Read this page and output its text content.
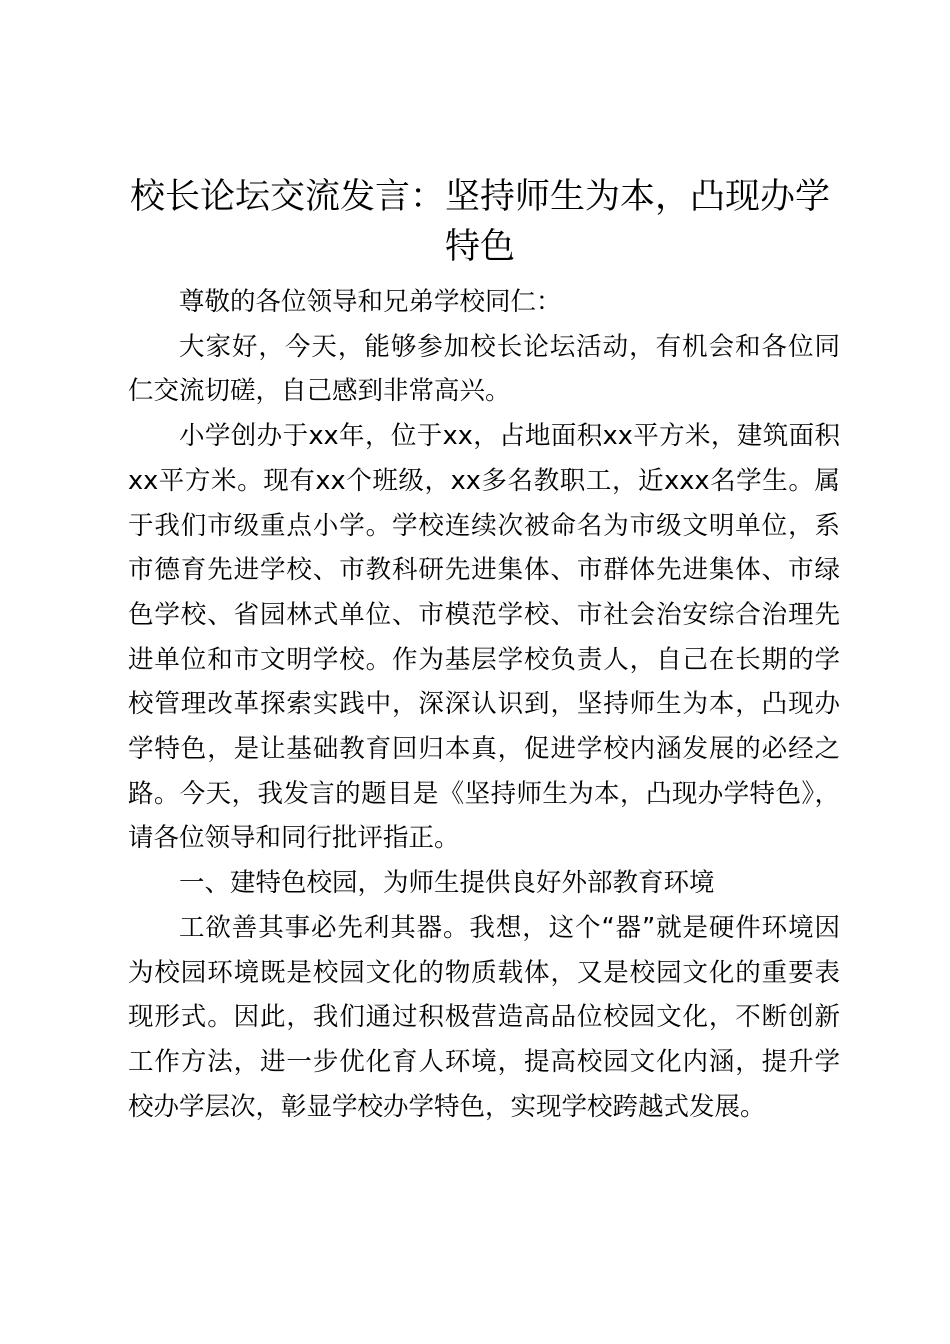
校长论坛交流发言：坚持师生为本，凸现办学特色

尊敬的各位领导和兄弟学校同仁：

大家好，今天，能够参加校长论坛活动，有机会和各位同仁交流切磋，自己感到非常高兴。

小学创办于xx年，位于xx，占地面积xx平方米，建筑面积xx平方米。现有xx个班级，xx多名教职工，近xxx名学生。属于我们市级重点小学。学校连续次被命名为市级文明单位，系市德育先进学校、市教科研先进集体、市群体先进集体、市绿色学校、省园林式单位、市模范学校、市社会治安综合治理先进单位和市文明学校。作为基层学校负责人，自己在长期的学校管理改革探索实践中，深深认识到，坚持师生为本，凸现办学特色，是让基础教育回归本真，促进学校内涵发展的必经之路。今天，我发言的题目是《坚持师生为本，凸现办学特色》，请各位领导和同行批评指正。

一、建特色校园，为师生提供良好外部教育环境

工欲善其事必先利其器。我想，这个“器”就是硬件环境因为校园环境既是校园文化的物质载体，又是校园文化的重要表现形式。因此，我们通过积极营造高品位校园文化，不断创新工作方法，进一步优化育人环境，提高校园文化内涵，提升学校办学层次，彰显学校办学特色，实现学校跨越式发展。
